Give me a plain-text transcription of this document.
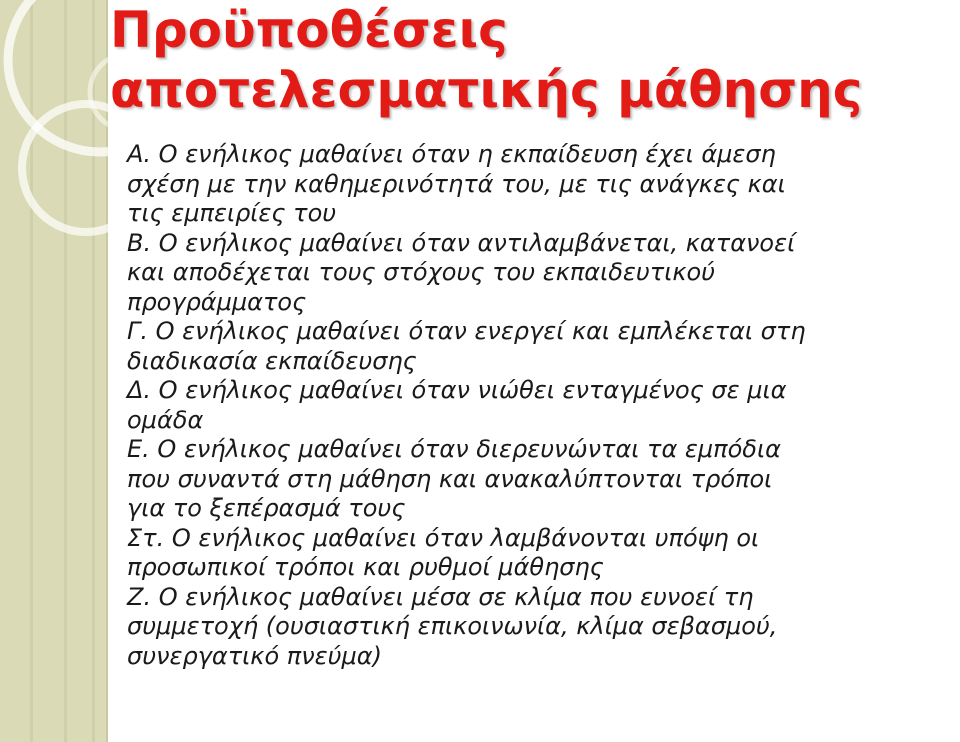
Προϋποθέσεις
αποτελεσματικής μάθησης
Α. Ο ενήλικος μαθαίνει όταν η εκπαίδευση έχει άμεση
σχέση με την καθημερινότητά του, με τις ανάγκες και
τις εμπειρίες του
Β. Ο ενήλικος μαθαίνει όταν αντιλαμβάνεται, κατανοεί
και αποδέχεται τους στόχους του εκπαιδευτικού
προγράμματος
Γ. Ο ενήλικος μαθαίνει όταν ενεργεί και εμπλέκεται στη
διαδικασία εκπαίδευσης
Δ. Ο ενήλικος μαθαίνει όταν νιώθει ενταγμένος σε μια
ομάδα
Ε. Ο ενήλικος μαθαίνει όταν διερευνώνται τα εμπόδια
που συναντά στη μάθηση και ανακαλύπτονται τρόποι
για το ξεπέρασμά τους
Στ. Ο ενήλικος μαθαίνει όταν λαμβάνονται υπόψη οι
προσωπικοί τρόποι και ρυθμοί μάθησης
Ζ. Ο ενήλικος μαθαίνει μέσα σε κλίμα που ευνοεί τη
συμμετοχή (ουσιαστική επικοινωνία, κλίμα σεβασμού,
συνεργατικό πνεύμα)
